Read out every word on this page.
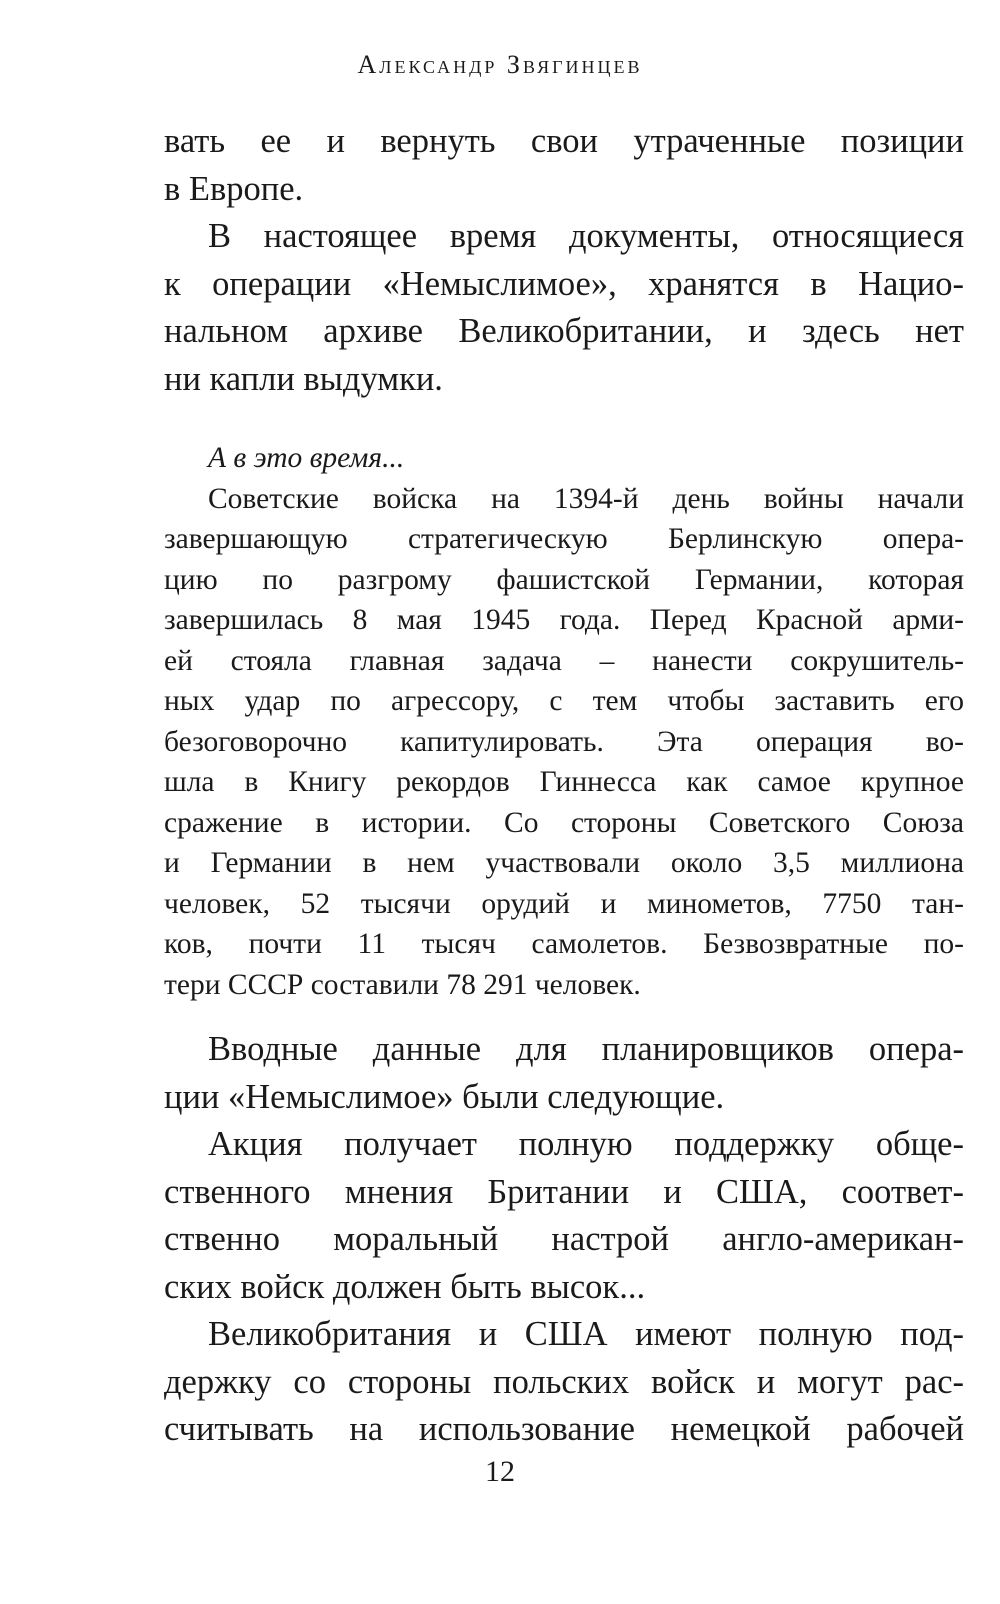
Александр Звягинцев
вать ее и вернуть свои утраченные позиции
в Европе.
В настоящее время документы, относящиеся
к операции «Немыслимое», хранятся в Нацио-
нальном архиве Великобритании, и здесь нет
ни капли выдумки.
А в это время...
Советские войска на 1394-й день войны начали
завершающую стратегическую Берлинскую опера-
цию по разгрому фашистской Германии, которая
завершилась 8 мая 1945 года. Перед Красной арми-
ей стояла главная задача – нанести сокрушитель-
ных удар по агрессору, с тем чтобы заставить его
безоговорочно капитулировать. Эта операция во-
шла в Книгу рекордов Гиннесса как самое крупное
сражение в истории. Со стороны Советского Союза
и Германии в нем участвовали около 3,5 миллиона
человек, 52 тысячи орудий и минометов, 7750 тан-
ков, почти 11 тысяч самолетов. Безвозвратные по-
тери СССР составили 78 291 человек.
Вводные данные для планировщиков опера-
ции «Немыслимое» были следующие.
Акция получает полную поддержку обще-
ственного мнения Британии и США, соответ-
ственно моральный настрой англо-американ-
ских войск должен быть высок...
Великобритания и США имеют полную под-
держку со стороны польских войск и могут рас-
считывать на использование немецкой рабочей
12
